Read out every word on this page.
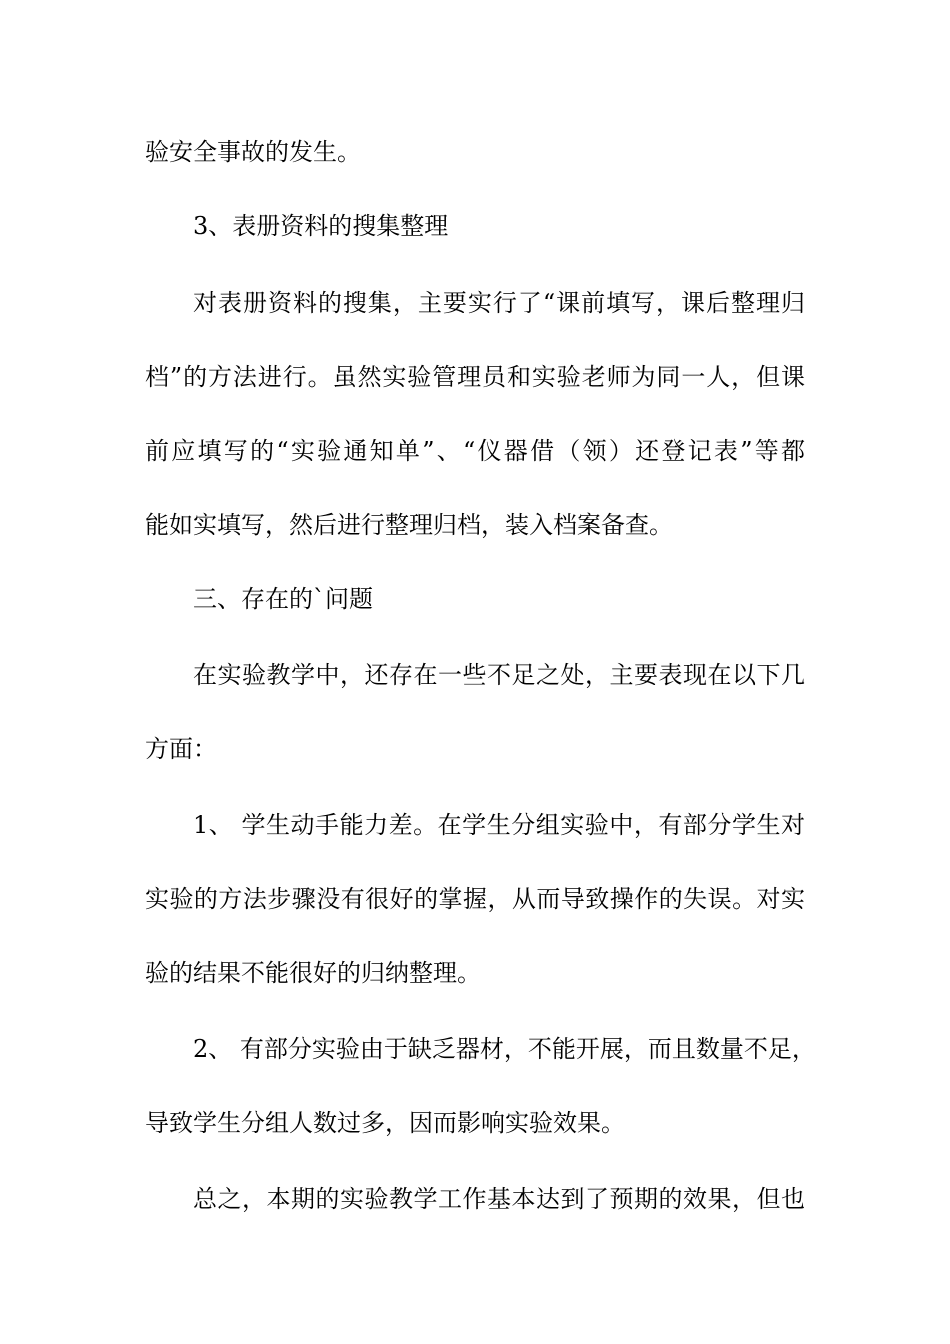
验安全事故的发生。

3、表册资料的搜集整理

对表册资料的搜集，主要实行了“课前填写，课后整理归

档”的方法进行。虽然实验管理员和实验老师为同一人，但课

前应填写的“实验通知单”、“仪器借（领）还登记表”等都

能如实填写，然后进行整理归档，装入档案备查。

三、存在的`问题

在实验教学中，还存在一些不足之处，主要表现在以下几

方面：

1、 学生动手能力差。在学生分组实验中，有部分学生对

实验的方法步骤没有很好的掌握，从而导致操作的失误。对实

验的结果不能很好的归纳整理。

2、 有部分实验由于缺乏器材，不能开展，而且数量不足，

导致学生分组人数过多，因而影响实验效果。

总之，本期的实验教学工作基本达到了预期的效果，但也
